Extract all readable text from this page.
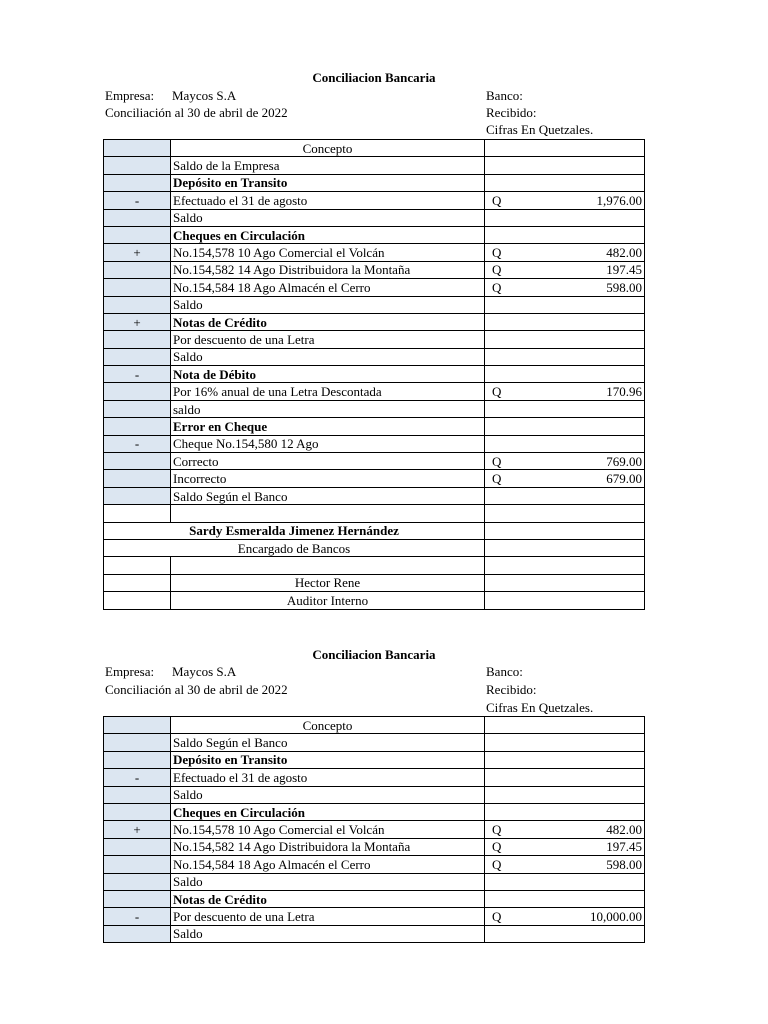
Conciliacion Bancaria
Empresa: Maycos S.A
Conciliación al 30 de abril de 2022
Banco:
Recibido:
Cifras En Quetzales.
	Concepto	
	Saldo de la Empresa	

	Depósito en Transito	

-	Efectuado el 31 de agosto	Q 1,976.00

	Saldo	

	Cheques en Circulación	

+	No.154,578 10 Ago Comercial el Volcán	Q 482.00

	No.154,582 14 Ago Distribuidora la Montaña	Q 197.45

	No.154,584 18 Ago Almacén el Cerro	Q 598.00

	Saldo	

+	Notas de Crédito	

	Por descuento de una Letra	

	Saldo	

-	Nota de Débito	

	Por 16% anual de una Letra Descontada	Q 170.96

	saldo	

	Error en Cheque	

-	Cheque No.154,580 12 Ago	

	Correcto	Q 769.00

	Incorrecto	Q 679.00

	Saldo Según el Banco	

Sardy Esmeralda Jimenez Hernández		
Encargado de Bancos		

	Hector Rene	
	Auditor Interno	
Conciliacion Bancaria
Empresa: Maycos S.A
Conciliación al 30 de abril de 2022
Banco:
Recibido:
Cifras En Quetzales.
	Concepto	
	Saldo Según el Banco	

	Depósito en Transito	

-	Efectuado el 31 de agosto	

	Saldo	

	Cheques en Circulación	

+	No.154,578 10 Ago Comercial el Volcán	Q 482.00

	No.154,582 14 Ago Distribuidora la Montaña	Q 197.45

	No.154,584 18 Ago Almacén el Cerro	Q 598.00

	Saldo	

	Notas de Crédito	

-	Por descuento de una Letra	Q 10,000.00

	Saldo	
